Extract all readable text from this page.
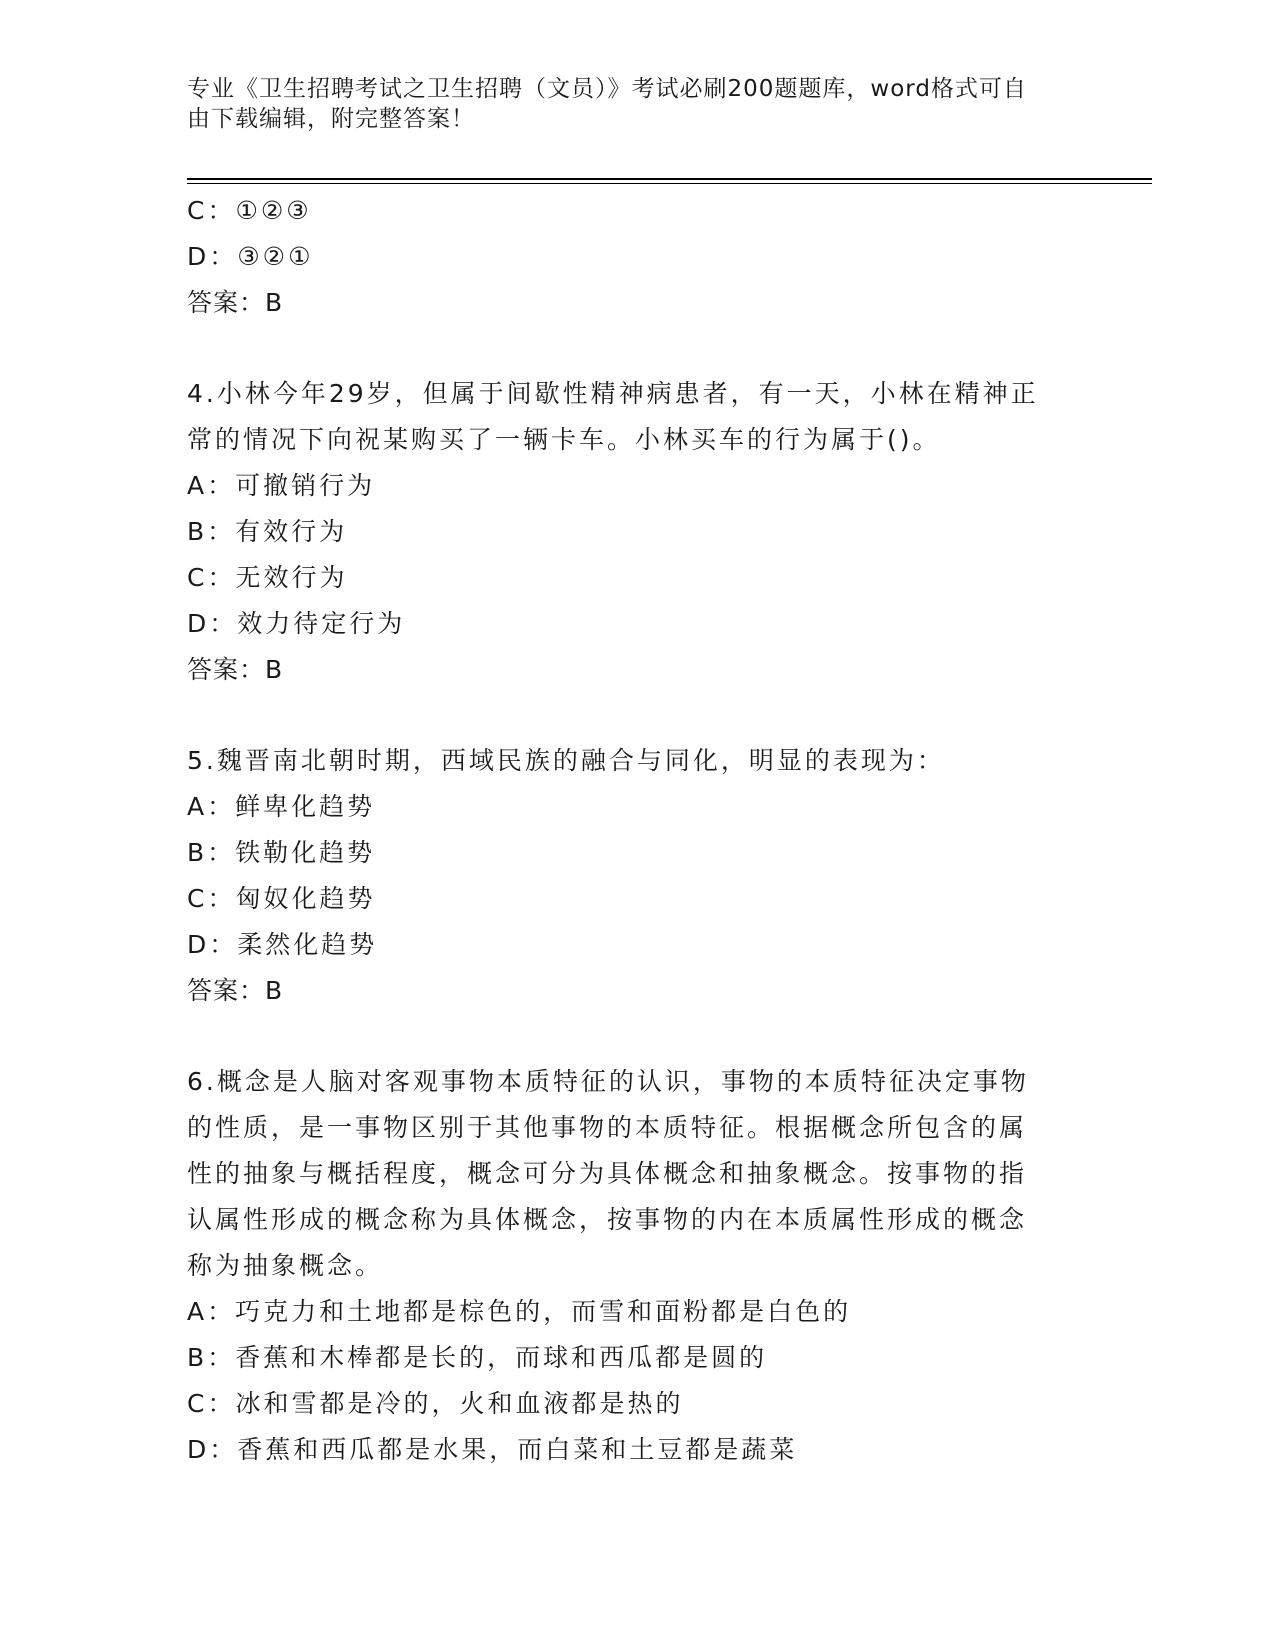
专业《卫生招聘考试之卫生招聘（文员）》考试必刷200题题库，word格式可自
由下载编辑，附完整答案！
C：①②③
D：③②①
答案：B
4.小林今年29岁，但属于间歇性精神病患者，有一天，小林在精神正
常的情况下向祝某购买了一辆卡车。小林买车的行为属于()。
A：可撤销行为
B：有效行为
C：无效行为
D：效力待定行为
答案：B
5.魏晋南北朝时期，西域民族的融合与同化，明显的表现为：
A：鲜卑化趋势
B：铁勒化趋势
C：匈奴化趋势
D：柔然化趋势
答案：B
6.概念是人脑对客观事物本质特征的认识，事物的本质特征决定事物
的性质，是一事物区别于其他事物的本质特征。根据概念所包含的属
性的抽象与概括程度，概念可分为具体概念和抽象概念。按事物的指
认属性形成的概念称为具体概念，按事物的内在本质属性形成的概念
称为抽象概念。
A：巧克力和土地都是棕色的，而雪和面粉都是白色的
B：香蕉和木棒都是长的，而球和西瓜都是圆的
C：冰和雪都是冷的，火和血液都是热的
D：香蕉和西瓜都是水果，而白菜和土豆都是蔬菜
